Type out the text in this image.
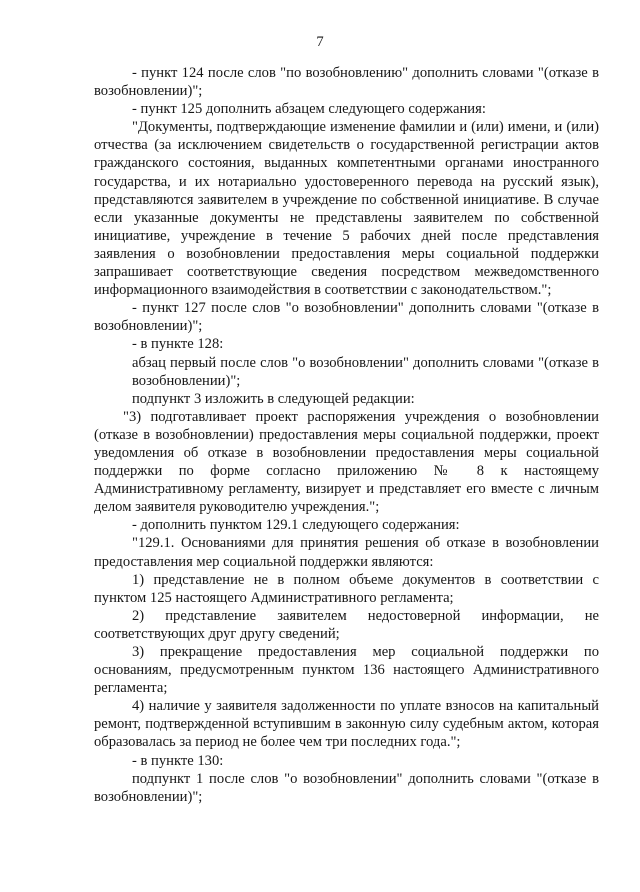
7

- пункт 124 после слов "по возобновлению" дополнить словами "(отказе в возобновлении)";

- пункт 125 дополнить абзацем следующего содержания:

"Документы, подтверждающие изменение фамилии и (или) имени, и (или) отчества (за исключением свидетельств о государственной регистрации актов гражданского состояния, выданных компетентными органами иностранного государства, и их нотариально удостоверенного перевода на русский язык), представляются заявителем в учреждение по собственной инициативе. В случае если указанные документы не представлены заявителем по собственной инициативе, учреждение в течение 5 рабочих дней после представления заявления о возобновлении предоставления меры социальной поддержки запрашивает соответствующие сведения посредством межведомственного информационного взаимодействия в соответствии с законодательством.";

- пункт 127 после слов "о возобновлении" дополнить словами "(отказе в возобновлении)";

- в пункте 128:

абзац первый после слов "о возобновлении" дополнить словами "(отказе в возобновлении)";

подпункт 3 изложить в следующей редакции:

"3) подготавливает проект распоряжения учреждения о возобновлении (отказе в возобновлении) предоставления меры социальной поддержки, проект уведомления об отказе в возобновлении предоставления меры социальной поддержки по форме согласно приложению № 8 к настоящему Административному регламенту, визирует и представляет его вместе с личным делом заявителя руководителю учреждения.";

- дополнить пунктом 129.1 следующего содержания:

"129.1. Основаниями для принятия решения об отказе в возобновлении предоставления мер социальной поддержки являются:

1) представление не в полном объеме документов в соответствии с пунктом 125 настоящего Административного регламента;

2) представление заявителем недостоверной информации, не соответствующих друг другу сведений;

3) прекращение предоставления мер социальной поддержки по основаниям, предусмотренным пунктом 136 настоящего Административного регламента;

4) наличие у заявителя задолженности по уплате взносов на капитальный ремонт, подтвержденной вступившим в законную силу судебным актом, которая образовалась за период не более чем три последних года.";

- в пункте 130:

подпункт 1 после слов "о возобновлении" дополнить словами "(отказе в возобновлении)";
